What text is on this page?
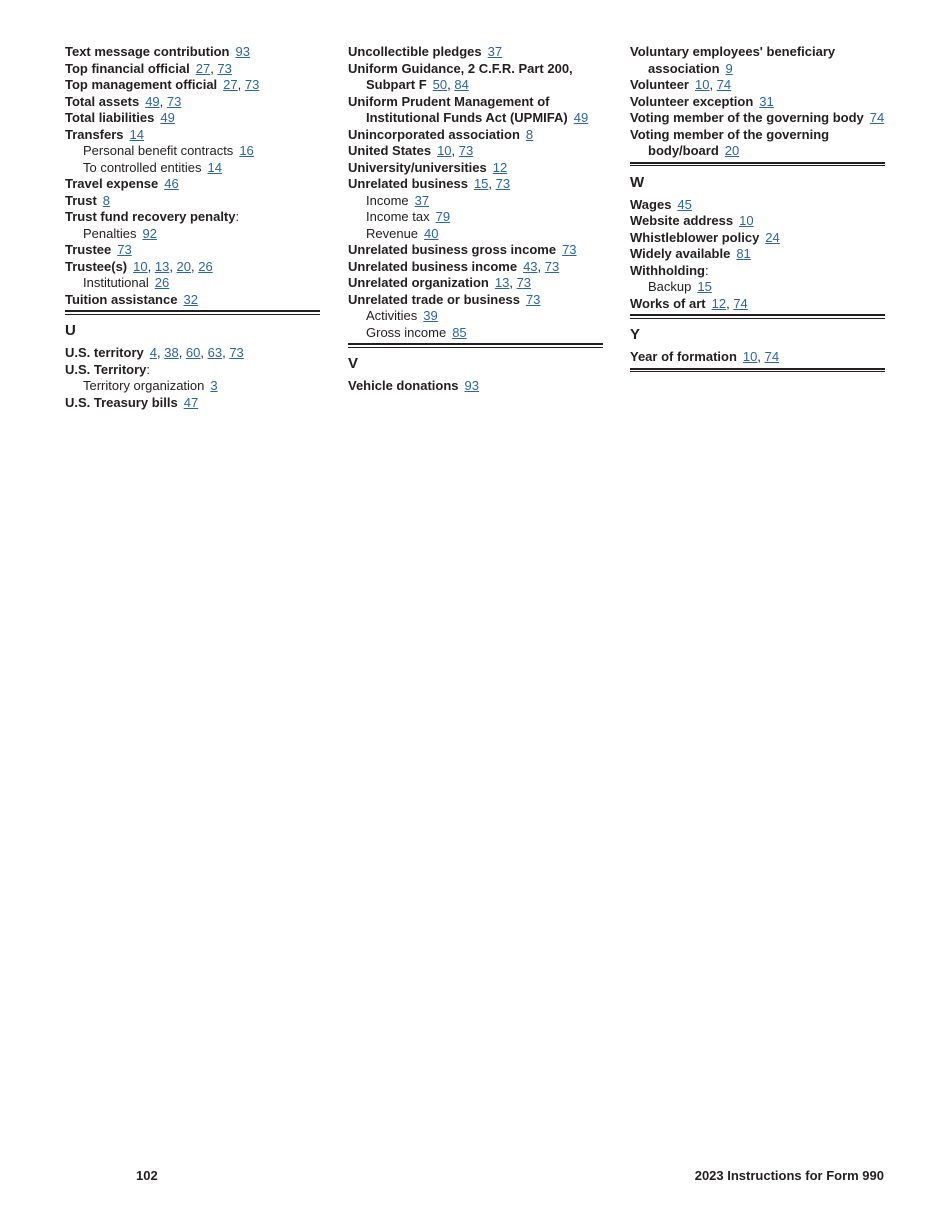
Text message contribution 93
Top financial official 27, 73
Top management official 27, 73
Total assets 49, 73
Total liabilities 49
Transfers 14
Personal benefit contracts 16
To controlled entities 14
Travel expense 46
Trust 8
Trust fund recovery penalty:
Penalties 92
Trustee 73
Trustee(s) 10, 13, 20, 26
Institutional 26
Tuition assistance 32
U
U.S. territory 4, 38, 60, 63, 73
U.S. Territory:
Territory organization 3
U.S. Treasury bills 47
Uncollectible pledges 37
Uniform Guidance, 2 C.F.R. Part 200, Subpart F 50, 84
Uniform Prudent Management of Institutional Funds Act (UPMIFA) 49
Unincorporated association 8
United States 10, 73
University/universities 12
Unrelated business 15, 73
Income 37
Income tax 79
Revenue 40
Unrelated business gross income 73
Unrelated business income 43, 73
Unrelated organization 13, 73
Unrelated trade or business 73
Activities 39
Gross income 85
V
Vehicle donations 93
Voluntary employees' beneficiary association 9
Volunteer 10, 74
Volunteer exception 31
Voting member of the governing body 74
Voting member of the governing body/board 20
W
Wages 45
Website address 10
Whistleblower policy 24
Widely available 81
Withholding:
Backup 15
Works of art 12, 74
Y
Year of formation 10, 74
102	2023 Instructions for Form 990
